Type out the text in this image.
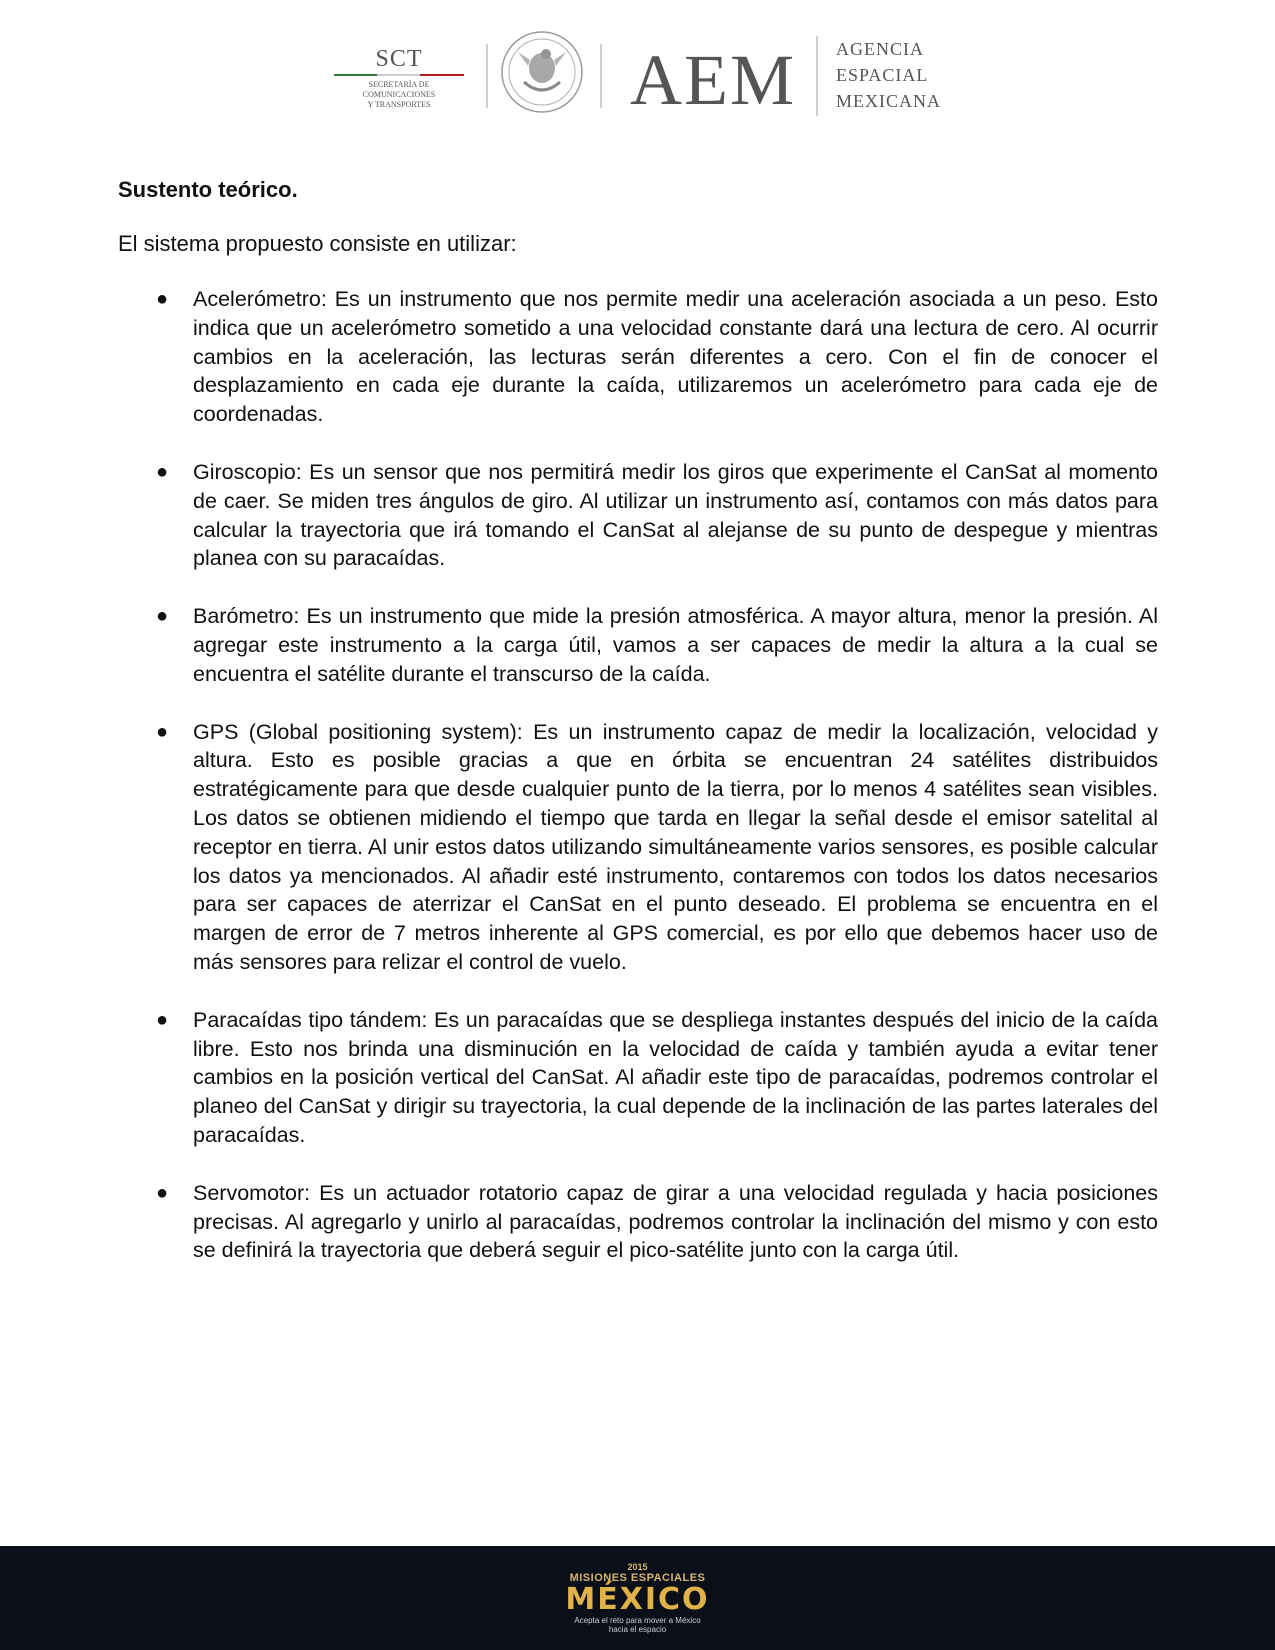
SCT
SECRETARÍA DE
COMUNICACIONES
Y TRANSPORTES	AEM AGENCIA
ESPACIAL
MEXICANA

Sustento teórico.

El sistema propuesto consiste en utilizar:

● Acelerómetro: Es un instrumento que nos permite medir una aceleración asociada a un peso. Esto indica que un acelerómetro sometido a una velocidad constante dará una lectura de cero. Al ocurrir cambios en la aceleración, las lecturas serán diferentes a cero. Con el fin de conocer el desplazamiento en cada eje durante la caída, utilizaremos un acelerómetro para cada eje de coordenadas.
● Giroscopio: Es un sensor que nos permitirá medir los giros que experimente el CanSat al momento de caer. Se miden tres ángulos de giro. Al utilizar un instrumento así, contamos con más datos para calcular la trayectoria que irá tomando el CanSat al alejanse de su punto de despegue y mientras planea con su paracaídas.
● Barómetro: Es un instrumento que mide la presión atmosférica. A mayor altura, menor la presión. Al agregar este instrumento a la carga útil, vamos a ser capaces de medir la altura a la cual se encuentra el satélite durante el transcurso de la caída.
● GPS (Global positioning system): Es un instrumento capaz de medir la localización, velocidad y altura. Esto es posible gracias a que en órbita se encuentran 24 satélites distribuidos estratégicamente para que desde cualquier punto de la tierra, por lo menos 4 satélites sean visibles. Los datos se obtienen midiendo el tiempo que tarda en llegar la señal desde el emisor satelital al receptor en tierra. Al unir estos datos utilizando simultáneamente varios sensores, es posible calcular los datos ya mencionados. Al añadir esté instrumento, contaremos con todos los datos necesarios para ser capaces de aterrizar el CanSat en el punto deseado. El problema se encuentra en el margen de error de 7 metros inherente al GPS comercial, es por ello que debemos hacer uso de más sensores para relizar el control de vuelo.
● Paracaídas tipo tándem: Es un paracaídas que se despliega instantes después del inicio de la caída libre. Esto nos brinda una disminución en la velocidad de caída y también ayuda a evitar tener cambios en la posición vertical del CanSat. Al añadir este tipo de paracaídas, podremos controlar el planeo del CanSat y dirigir su trayectoria, la cual depende de la inclinación de las partes laterales del paracaídas.
● Servomotor: Es un actuador rotatorio capaz de girar a una velocidad regulada y hacia posiciones precisas. Al agregarlo y unirlo al paracaídas, podremos controlar la inclinación del mismo y con esto se definirá la trayectoria que deberá seguir el pico-satélite junto con la carga útil.
2015
MISIONES ESPACIALES
MÉXICO
Acepta el reto para mover a México
hacia el espacio
